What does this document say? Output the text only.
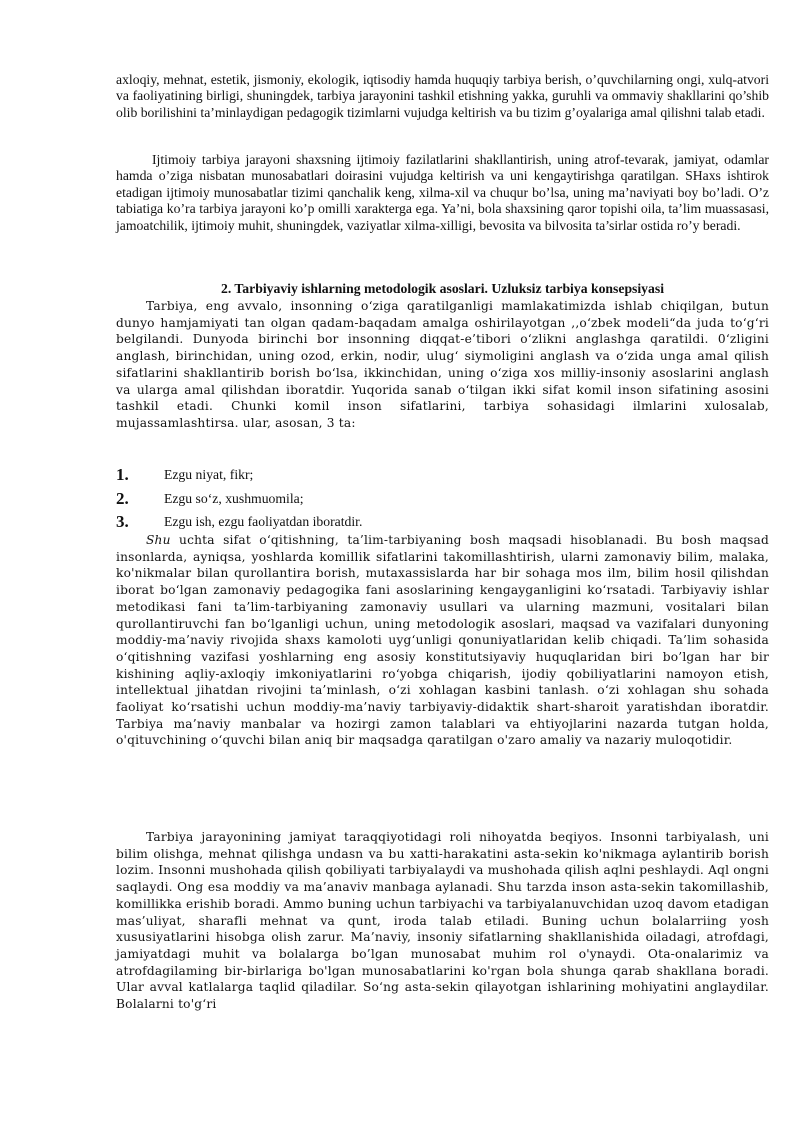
axloqiy, mehnat, estetik, jismoniy, ekologik, iqtisodiy hamda huquqiy tarbiya berish, o’quvchilarning ongi, xulq-atvori va faoliyatining birligi, shuningdek, tarbiya jarayonini tashkil etishning yakka, guruhli va ommaviy shakllarini qo’shib olib borilishini ta’minlaydigan pedagogik tizimlarni vujudga keltirish va bu tizim g’oyalariga amal qilishni talab etadi.

Ijtimoiy tarbiya jarayoni shaxsning ijtimoiy fazilatlarini shakllantirish, uning atrof-tevarak, jamiyat, odamlar hamda o’ziga nisbatan munosabatlari doirasini vujudga keltirish va uni kengaytirishga qaratilgan. SHaxs ishtirok etadigan ijtimoiy munosabatlar tizimi qanchalik keng, xilma-xil va chuqur bo’lsa, uning ma’naviyati boy bo’ladi. O’z tabiatiga ko’ra tarbiya jarayoni ko’p omilli xarakterga ega. Ya’ni, bola shaxsining qaror topishi oila, ta’lim muassasasi, jamoatchilik, ijtimoiy muhit, shuningdek, vaziyatlar xilma-xilligi, bevosita va bilvosita ta’sirlar ostida ro’y beradi.

2. Tarbiyaviy ishlarning metodologik asoslari. Uzluksiz tarbiya konsepsiyasi

Tarbiya, eng avvalo, insonning o‘ziga qaratilganligi mamlakatimizda ishlab chiqilgan, butun dunyo hamjamiyati tan olgan qadam-baqadam amalga oshirilayotgan ,,o‘zbek modeli“da juda to‘g‘ri belgilandi. Dunyoda birinchi bor insonning diqqat-e’tibori o‘zlikni anglashga qaratildi. 0‘zligini anglash, birinchidan, uning ozod, erkin, nodir, ulug‘ siymoligini anglash va o‘zida unga amal qilish sifatlarini shakllantirib borish bo‘lsa, ikkinchidan, uning o‘ziga xos milliy-insoniy asoslarini anglash va ularga amal qilishdan iboratdir. Yuqorida sanab o‘tilgan ikki sifat komil inson sifatining asosini tashkil etadi. Chunki komil inson sifatlarini, tarbiya sohasidagi ilmlarini xulosalab, mujassamlashtirsa. ular, asosan, 3 ta:

1.	Ezgu niyat, fikr;
2.	Ezgu so‘z, xushmuomila;
3.	Ezgu ish, ezgu faoliyatdan iboratdir.

Shu uchta sifat o‘qitishning, ta’lim-tarbiyaning bosh maqsadi hisoblanadi. Bu bosh maqsad insonlarda, ayniqsa, yoshlarda komillik sifatlarini takomillashtirish, ularni zamonaviy bilim, malaka, ko'nikmalar bilan qurollantira borish, mutaxassislarda har bir sohaga mos ilm, bilim hosil qilishdan iborat bo‘lgan zamonaviy pedagogika fani asoslarining kengayganligini ko‘rsatadi. Tarbiyaviy ishlar metodikasi fani ta’lim-tarbiyaning zamonaviy usullari va ularning mazmuni, vositalari bilan qurollantiruvchi fan bo‘lganligi uchun, uning metodologik asoslari, maqsad va vazifalari dunyoning moddiy-ma’naviy rivojida shaxs kamoloti uyg‘unligi qonuniyatlaridan kelib chiqadi. Ta’lim sohasida o‘qitishning vazifasi yoshlarning eng asosiy konstitutsiyaviy huquqlaridan biri bo’lgan har bir kishining aqliy-axloqiy imkoniyatlarini ro‘yobga chiqarish, ijodiy qobiliyatlarini namoyon etish, intellektual jihatdan rivojini ta’minlash, o‘zi xohlagan kasbini tanlash. o‘zi xohlagan shu sohada faoliyat ko‘rsatishi uchun moddiy-ma’naviy tarbiyaviy-didaktik shart-sharoit yaratishdan iboratdir. Tarbiya ma’naviy manbalar va hozirgi zamon talablari va ehtiyojlarini nazarda tutgan holda, o'qituvchining o‘quvchi bilan aniq bir maqsadga qaratilgan o'zaro amaliy va nazariy muloqotidir.

Tarbiya jarayonining jamiyat taraqqiyotidagi roli nihoyatda beqiyos. Insonni tarbiyalash, uni bilim olishga, mehnat qilishga undasn va bu xatti-harakatini asta-sekin ko'nikmaga aylantirib borish lozim. Insonni mushohada qilish qobiliyati tarbiyalaydi va mushohada qilish aqlni peshlaydi. Aql ongni saqlaydi. Ong esa moddiy va ma’anaviv manbaga aylanadi. Shu tarzda inson asta-sekin takomillashib, komillikka erishib boradi. Ammo buning uchun tarbiyachi va tarbiyalanuvchidan uzoq davom etadigan mas’uliyat, sharafli mehnat va qunt, iroda talab etiladi. Buning uchun bolalarriing yosh xususiyatlarini hisobga olish zarur. Ma’naviy, insoniy sifatlarning shakllanishida oiladagi, atrofdagi, jamiyatdagi muhit va bolalarga bo’lgan munosabat muhim rol o'ynaydi. Ota-onalarimiz va atrofdagilaming bir-birlariga bo'lgan munosabatlarini ko'rgan bola shunga qarab shakllana boradi. Ular avval katlalarga taqlid qiladilar. So‘ng asta-sekin qilayotgan ishlarining mohiyatini anglaydilar. Bolalarni to'g‘ri
